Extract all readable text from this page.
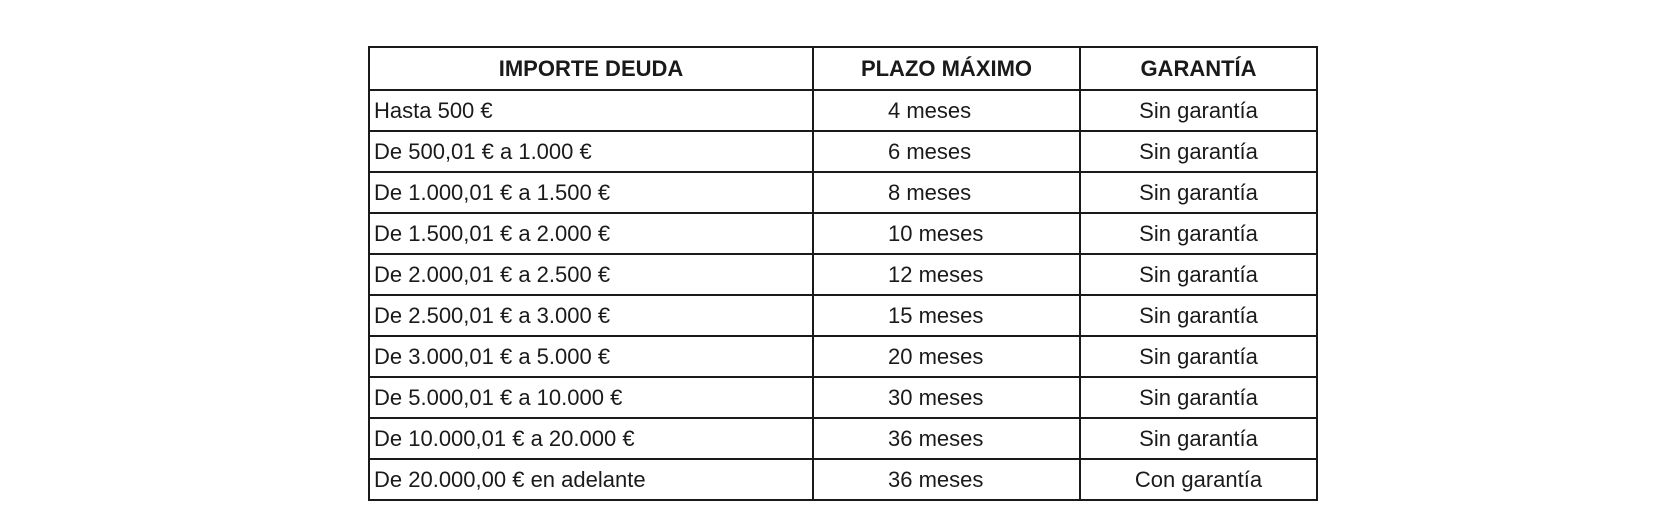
IMPORTE DEUDA	PLAZO MÁXIMO	GARANTÍA
Hasta 500 €	4 meses	Sin garantía
De 500,01 € a 1.000 €	6 meses	Sin garantía
De 1.000,01 € a 1.500 €	8 meses	Sin garantía
De 1.500,01 € a 2.000 €	10 meses	Sin garantía
De 2.000,01 € a 2.500 €	12 meses	Sin garantía
De 2.500,01 € a 3.000 €	15 meses	Sin garantía
De 3.000,01 € a 5.000 €	20 meses	Sin garantía
De 5.000,01 € a 10.000 €	30 meses	Sin garantía
De 10.000,01 € a 20.000 €	36 meses	Sin garantía
De 20.000,00 € en adelante	36 meses	Con garantía
